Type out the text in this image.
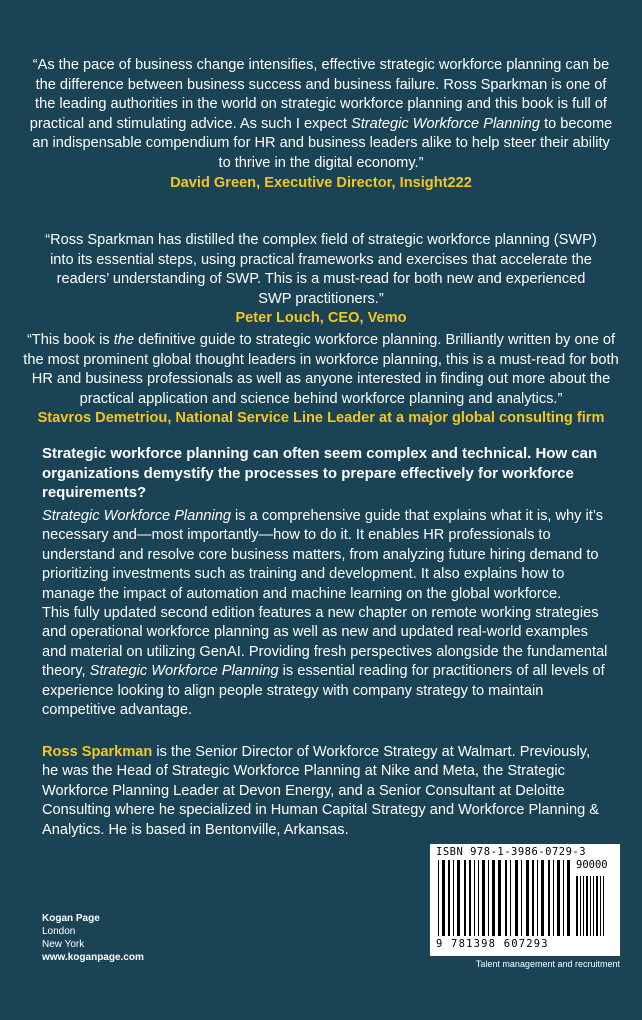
“As the pace of business change intensifies, effective strategic workforce planning can be the difference between business success and business failure. Ross Sparkman is one of the leading authorities in the world on strategic workforce planning and this book is full of practical and stimulating advice. As such I expect Strategic Workforce Planning to become an indispensable compendium for HR and business leaders alike to help steer their ability to thrive in the digital economy.”
David Green, Executive Director, Insight222

“Ross Sparkman has distilled the complex field of strategic workforce planning (SWP) into its essential steps, using practical frameworks and exercises that accelerate the readers’ understanding of SWP. This is a must-read for both new and experienced SWP practitioners.”
Peter Louch, CEO, Vemo

“This book is the definitive guide to strategic workforce planning. Brilliantly written by one of the most prominent global thought leaders in workforce planning, this is a must-read for both HR and business professionals as well as anyone interested in finding out more about the practical application and science behind workforce planning and analytics.”
Stavros Demetriou, National Service Line Leader at a major global consulting firm

Strategic workforce planning can often seem complex and technical. How can organizations demystify the processes to prepare effectively for workforce requirements?

Strategic Workforce Planning is a comprehensive guide that explains what it is, why it’s necessary and—most importantly—how to do it. It enables HR professionals to understand and resolve core business matters, from analyzing future hiring demand to prioritizing investments such as training and development. It also explains how to manage the impact of automation and machine learning on the global workforce.

This fully updated second edition features a new chapter on remote working strategies and operational workforce planning as well as new and updated real-world examples and material on utilizing GenAI. Providing fresh perspectives alongside the fundamental theory, Strategic Workforce Planning is essential reading for practitioners of all levels of experience looking to align people strategy with company strategy to maintain competitive advantage.

Ross Sparkman is the Senior Director of Workforce Strategy at Walmart. Previously, he was the Head of Strategic Workforce Planning at Nike and Meta, the Strategic Workforce Planning Leader at Devon Energy, and a Senior Consultant at Deloitte Consulting where he specialized in Human Capital Strategy and Workforce Planning & Analytics. He is based in Bentonville, Arkansas.

Kogan Page
London
New York
www.koganpage.com
ISBN 978-1-3986-0729-3
90000
9 781398 607293
Talent management and recruitment
